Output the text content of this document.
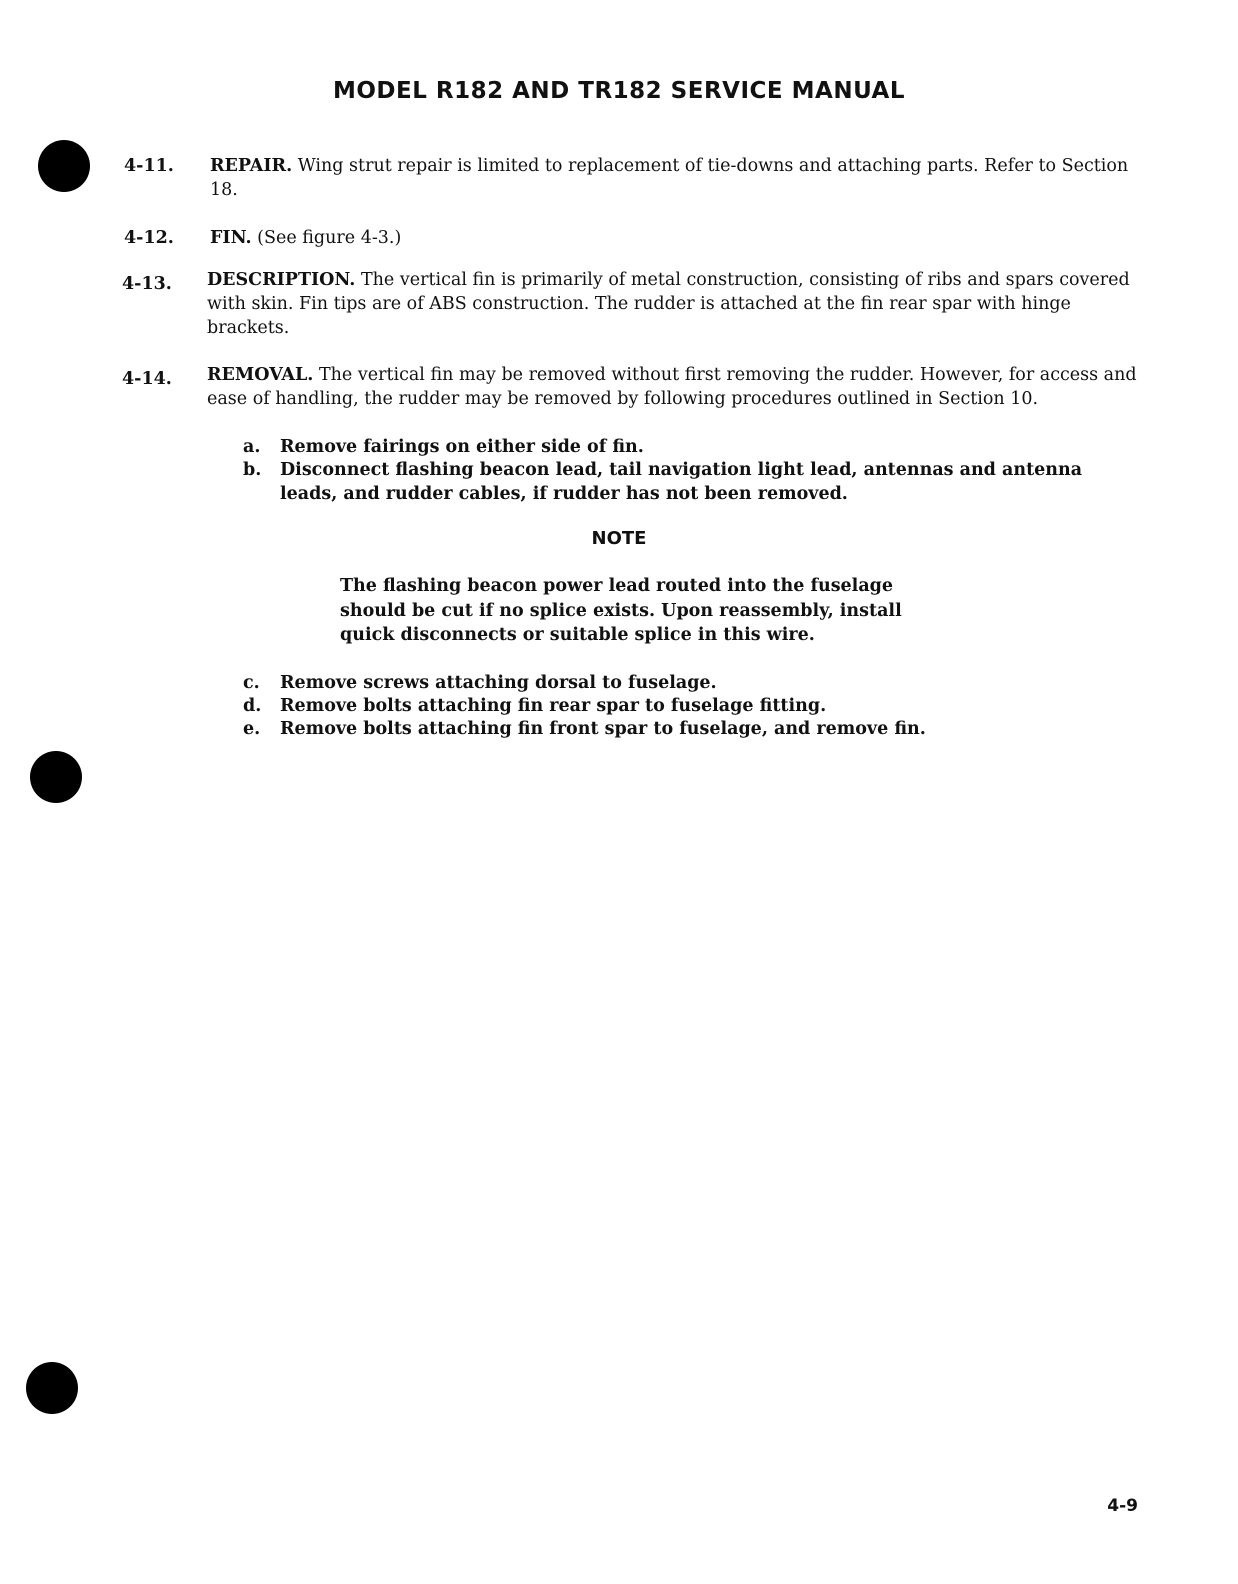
MODEL R182 AND TR182 SERVICE MANUAL
4-11. REPAIR. Wing strut repair is limited to replacement of tie-downs and attaching parts. Refer to Section 18.
4-12. FIN. (See figure 4-3.)
4-13. DESCRIPTION. The vertical fin is primarily of metal construction, consisting of ribs and spars covered with skin. Fin tips are of ABS construction. The rudder is attached at the fin rear spar with hinge brackets.
4-14. REMOVAL. The vertical fin may be removed without first removing the rudder. However, for access and ease of handling, the rudder may be removed by following procedures outlined in Section 10.
a. Remove fairings on either side of fin.
b. Disconnect flashing beacon lead, tail navigation light lead, antennas and antenna leads, and rudder cables, if rudder has not been removed.
NOTE
The flashing beacon power lead routed into the fuselage should be cut if no splice exists. Upon reassembly, install quick disconnects or suitable splice in this wire.
c. Remove screws attaching dorsal to fuselage.
d. Remove bolts attaching fin rear spar to fuselage fitting.
e. Remove bolts attaching fin front spar to fuselage, and remove fin.
4-9
